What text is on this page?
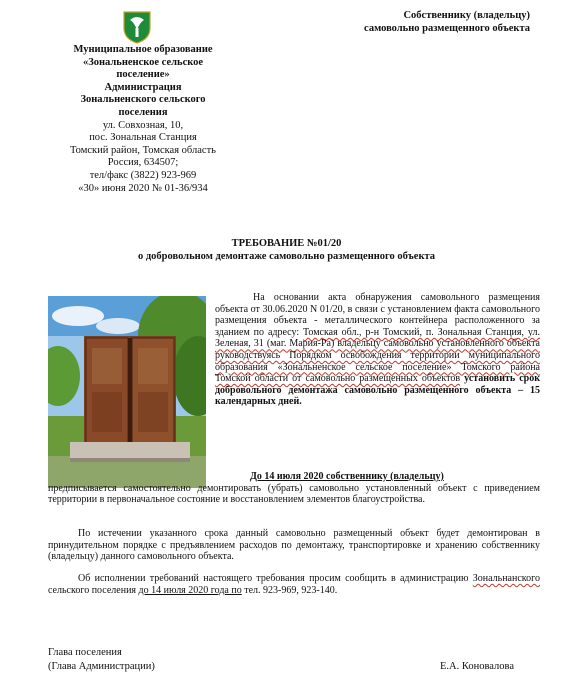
Собственнику (владельцу)
самовольно размещенного объекта
Муниципальное образование
«Зональненское сельское
поселение»
Администрация
Зональненского сельского
поселения
ул. Совхозная, 10,
пос. Зональная Станция
Томский район, Томская область
Россия, 634507;
тел/факс (3822) 923-969
«30» июня 2020 № 01-36/934
ТРЕБОВАНИЕ №01/20
о добровольном демонтаже самовольно размещенного объекта
На основании акта обнаружения самовольного размещения объекта от 30.06.2020 N 01/20, в связи с установлением факта самовольного размещения объекта - металлического контейнера расположенного за зданием по адресу: Томская обл., р-н Томский, п. Зональная Станция, ул. Зеленая, 31 (маг. Мария-Ра) владельцу самовольно установленного объекта руководствуясь Порядком освобождения территории муниципального образования «Зональненское сельское поселение» Томского района Томской области от самовольно размещенных объектов установить срок добровольного демонтажа самовольно размещенного объекта – 15 календарных дней.
До 14 июля 2020 собственнику (владельцу)
предписывается самостоятельно демонтировать (убрать) самовольно установленный объект с приведением территории в первоначальное состояние и восстановлением элементов благоустройства.
По истечении указанного срока данный самовольно размещенный объект будет демонтирован в принудительном порядке с предъявлением расходов по демонтажу, транспортировке и хранению собственнику (владельцу) данного самовольного объекта.
Об исполнении требований настоящего требования просим сообщить в администрацию Зональнанского сельского поселения до 14 июля 2020 года по тел. 923-969, 923-140.
Глава поселения
(Глава Администрации)	Е.А. Коновалова
